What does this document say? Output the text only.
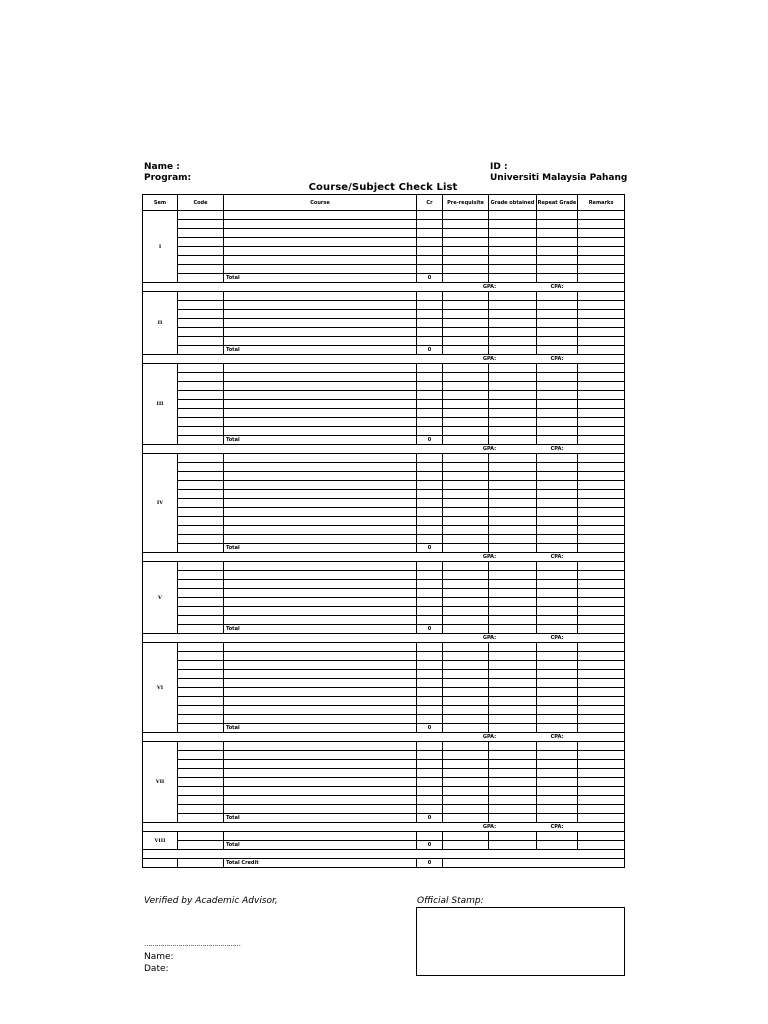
Name :
Program:
ID :
Universiti Malaysia Pahang
Course/Subject Check List
Sem	Code	Course	Cr	Pre-requisite	Grade obtained	Repeat Grade	Remarks
I							

		Total	0				
				GPA:		CPA:	
II							

		Total	0				
				GPA:		CPA:	
III							

		Total	0				
				GPA:		CPA:	
IV							

		Total	0				
				GPA:		CPA:	
V							

		Total	0				
				GPA:		CPA:	
VI							

		Total	0				
				GPA:		CPA:	
VII							

		Total	0				
				GPA:		CPA:	
VIII							
		Total	0				

		Total Credit	0				
Verified by Academic Advisor,	Official Stamp:
…………………………………………
Name:
Date:
